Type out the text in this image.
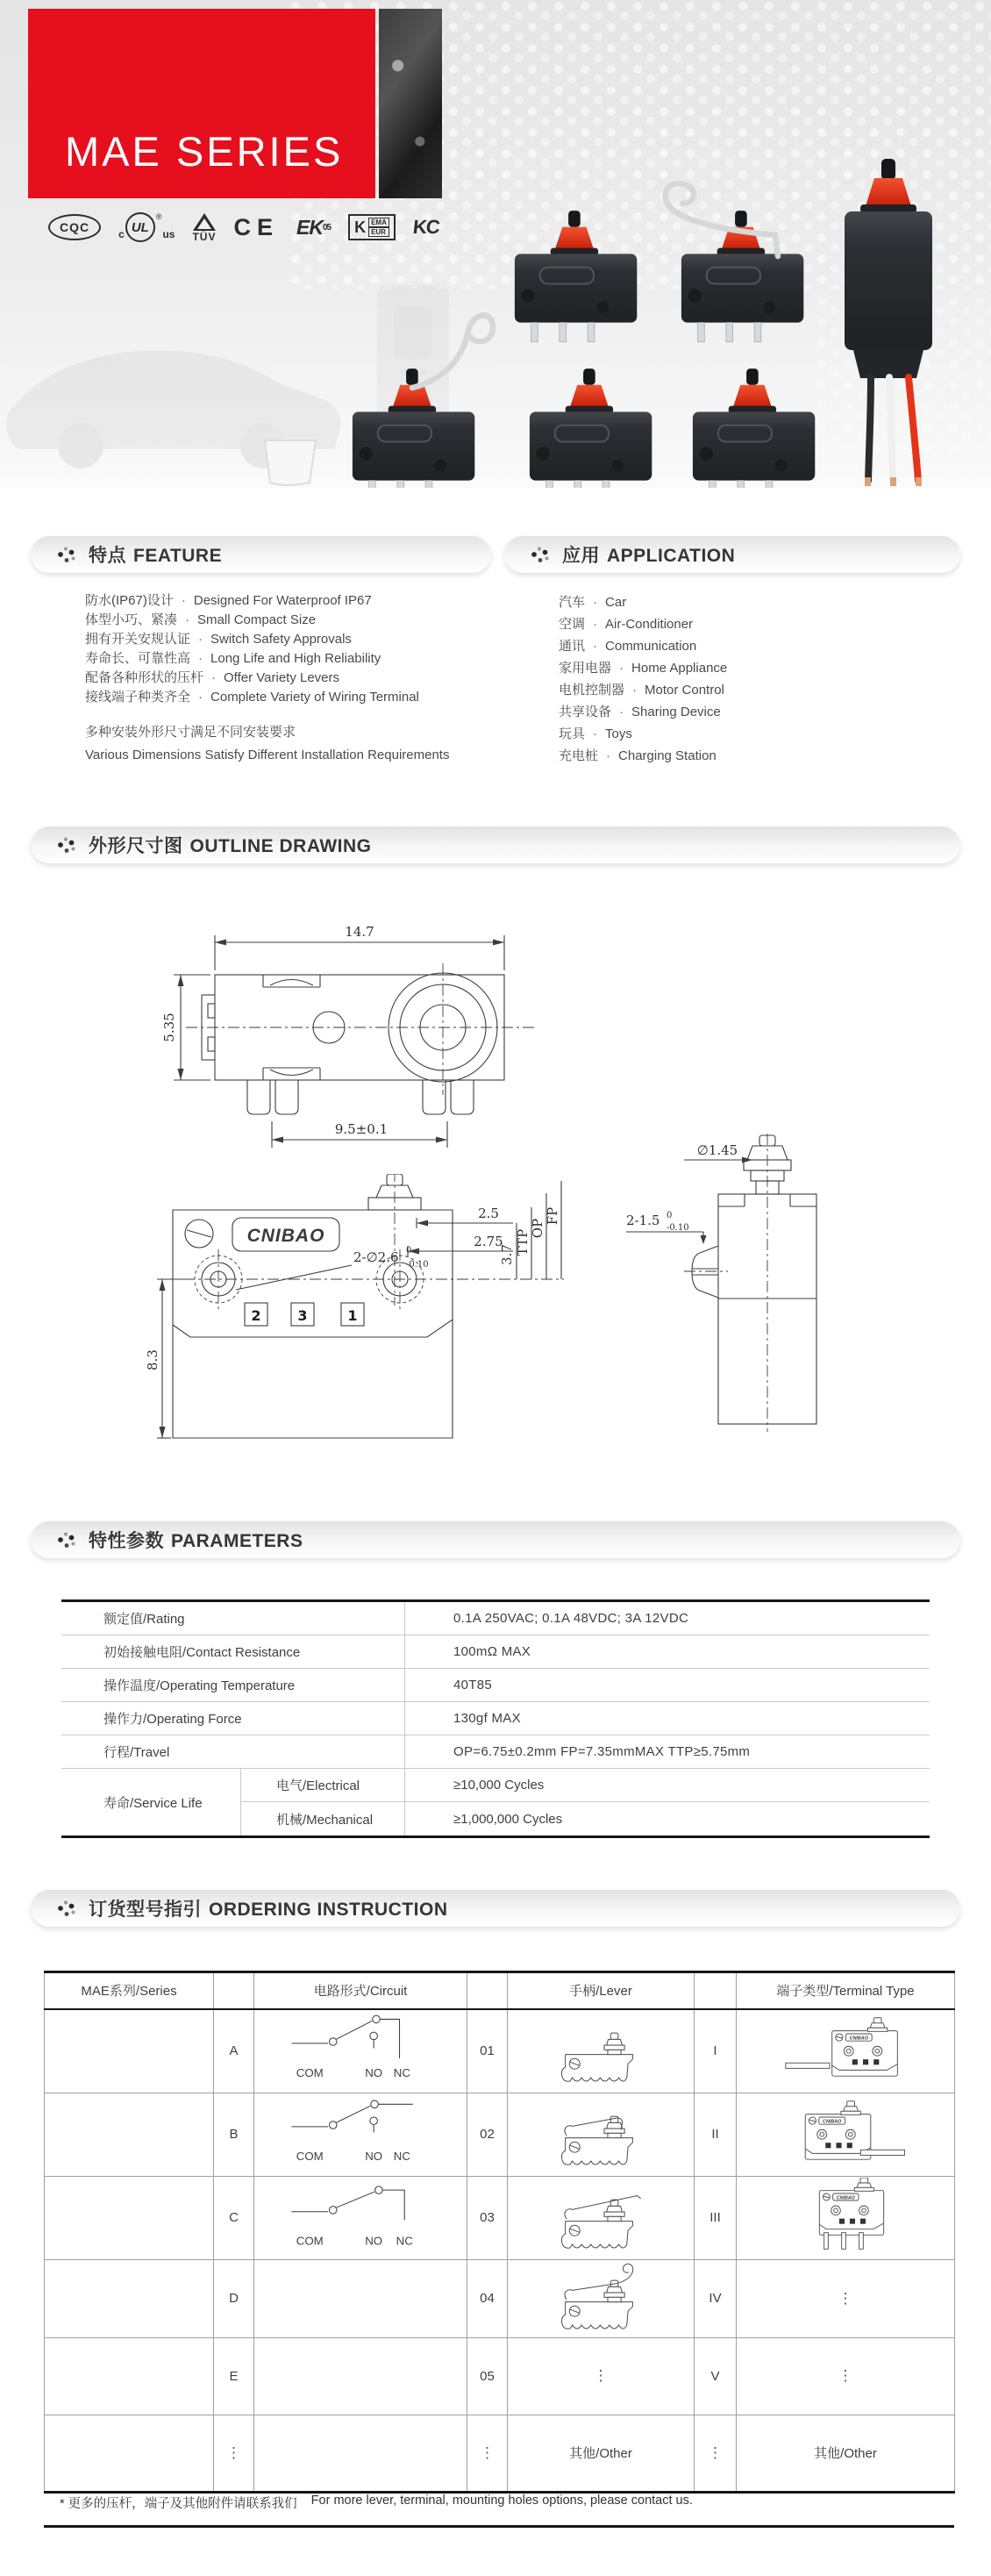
MAE SERIES
CQC	c UL
®
us TÜV CE EK 05 K EMA
EUR KC
特点 FEATURE	应用 APPLICATION
防水(IP67)设计 · Designed For Waterproof IP67
体型小巧、紧凑 · Small Compact Size
拥有开关安规认证 · Switch Safety Approvals
寿命长、可靠性高 · Long Life and High Reliability
配备各种形状的压杆 · Offer Variety Levers
接线端子种类齐全 · Complete Variety of Wiring Terminal
多种安装外形尺寸满足不同安装要求
Various Dimensions Satisfy Different Installation Requirements
汽车 · Car
空调 · Air-Conditioner
通讯 · Communication
家用电器 · Home Appliance
电机控制器 · Motor Control
共享设备 · Sharing Device
玩具 · Toys
充电桩 · Charging Station
外形尺寸图 OUTLINE DRAWING
14.7
5.35
9.5±0.1
CNIBAO
2.5
2.75
3.7 TTP
OP
FP
8.3
2-∅2.6 0
-0.10
2	3	1
∅1.45
2-1.5 0
-0.10
特性参数 PARAMETERS
额定值/Rating	0.1A 250VAC; 0.1A 48VDC; 3A 12VDC
初始接触电阻/Contact Resistance	100mΩ MAX
操作温度/Operating Temperature	40T85
操作力/Operating Force	130gf MAX
行程/Travel	OP=6.75±0.2mm FP=7.35mmMAX TTP≥5.75mm
寿命/Service Life
电气/Electrical	≥10,000 Cycles
机械/Mechanical	≥1,000,000 Cycles
订货型号指引 ORDERING INSTRUCTION
MAE系列/Series		电路形式/Circuit		手柄/Lever		端子类型/Terminal Type
	A	COM NO NC	01		I	
	B	COM NO NC	02		II	
	C	COM NO NC	03		III	
	D		04		IV	⋮
	E		05	⋮	V	⋮
	⋮		⋮	其他/Other	⋮	其他/Other
* 更多的压杆，端子及其他附件请联系我们 For more lever, terminal, mounting holes options, please contact us.
